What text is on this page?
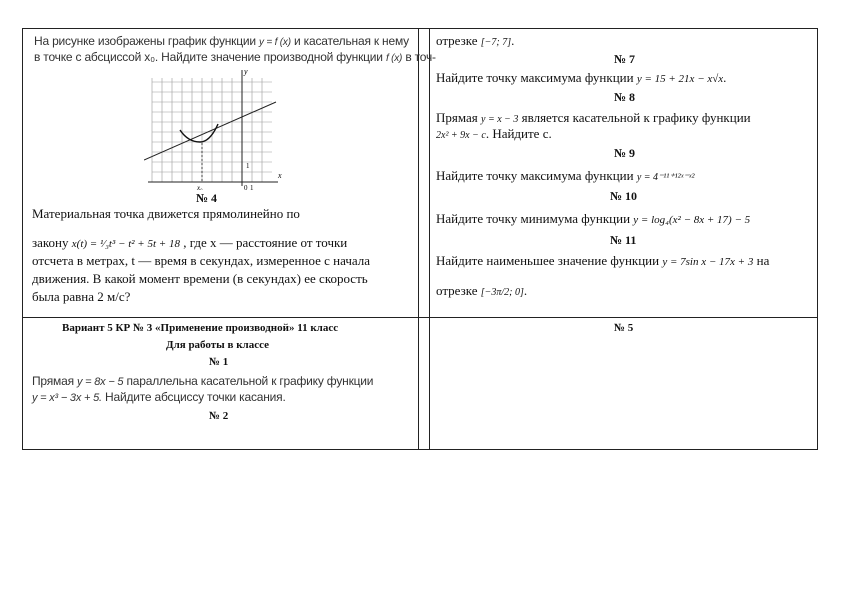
На рисунке изображены график функции y = f (x) и касательная к нему
в точке с абсциссой x₀. Найдите значение производной функции f (x) в точ-
y
x
x₀	0 1
1
№ 4
Материальная точка движется прямолинейно по
закону x(t) = ¹⁄₃t³ − t² + 5t + 18 , где x — расстояние от точки
отсчета в метрах, t — время в секундах, измеренное с начала
движения. В какой момент времени (в секундах) ее скорость
была равна 2 м/с?
отрезке [−7; 7].
№ 7
Найдите точку максимума функции y = 15 + 21x − x√x.
№ 8
Прямая y = x − 3 является касательной к графику функции
2x² + 9x − c. Найдите c.
№ 9
Найдите точку максимума функции y = 4⁻¹¹⁺¹²ˣ⁻ˣ²
№ 10
Найдите точку минимума функции y = log₄(x² − 8x + 17) − 5
№ 11
Найдите наименьшее значение функции y = 7sin x − 17x + 3 на
отрезке [−3π/2; 0].
Вариант 5 КР № 3 «Применение производной» 11 класс
Для работы в классе
№ 1
Прямая y = 8x − 5 параллельна касательной к графику функции
y = x³ − 3x + 5. Найдите абсциссу точки касания.
№ 2
№ 5
